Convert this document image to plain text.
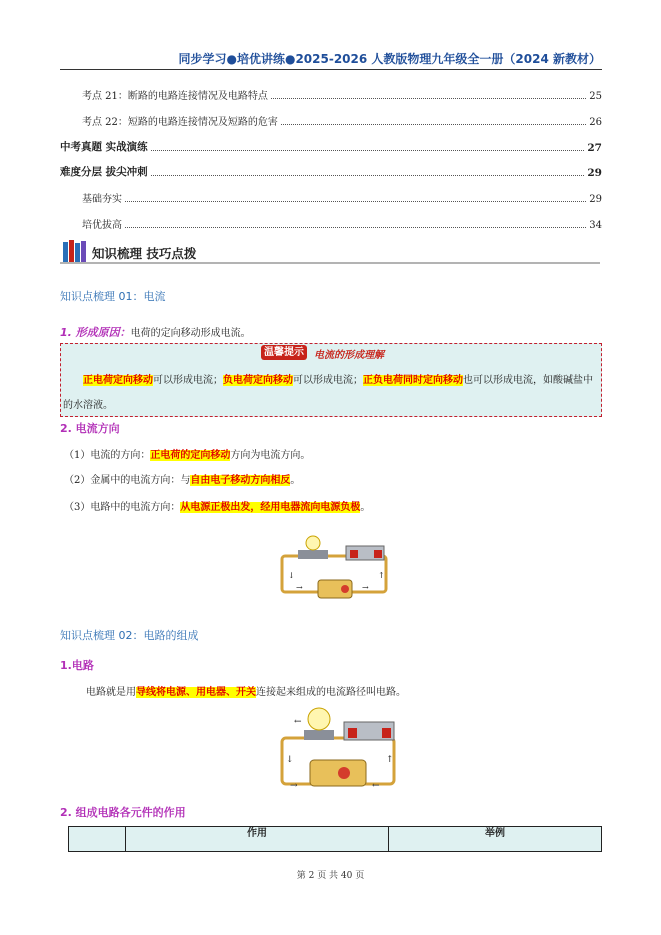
同步学习●培优讲练●2025-2026 人教版物理九年级全一册（2024 新教材）
考点 21：断路的电路连接情况及电路特点	25
考点 22：短路的电路连接情况及短路的危害	26
中考真题 实战演练	27
难度分层 拔尖冲刺	29
基础夯实	29
培优拔高	34
知识梳理 技巧点拨
知识点梳理 01：电流
1. 形成原因：电荷的定向移动形成电流。
温馨提示	电流的形成理解
正电荷定向移动可以形成电流；负电荷定向移动可以形成电流；正负电荷同时定向移动也可以形成电流，如酸碱盐中的水溶液。
2. 电流方向
（1）电流的方向：正电荷的定向移动方向为电流方向。
（2）金属中的电流方向：与自由电子移动方向相反。
（3）电路中的电流方向：从电源正极出发，经用电器流向电源负极。
↓	↑
→	→
知识点梳理 02：电路的组成
1.电路
电路就是用导线将电源、用电器、开关连接起来组成的电流路径叫电路。
↓	↑
→	←
←
2. 组成电路各元件的作用
作用	举例
第 2 页 共 40 页
